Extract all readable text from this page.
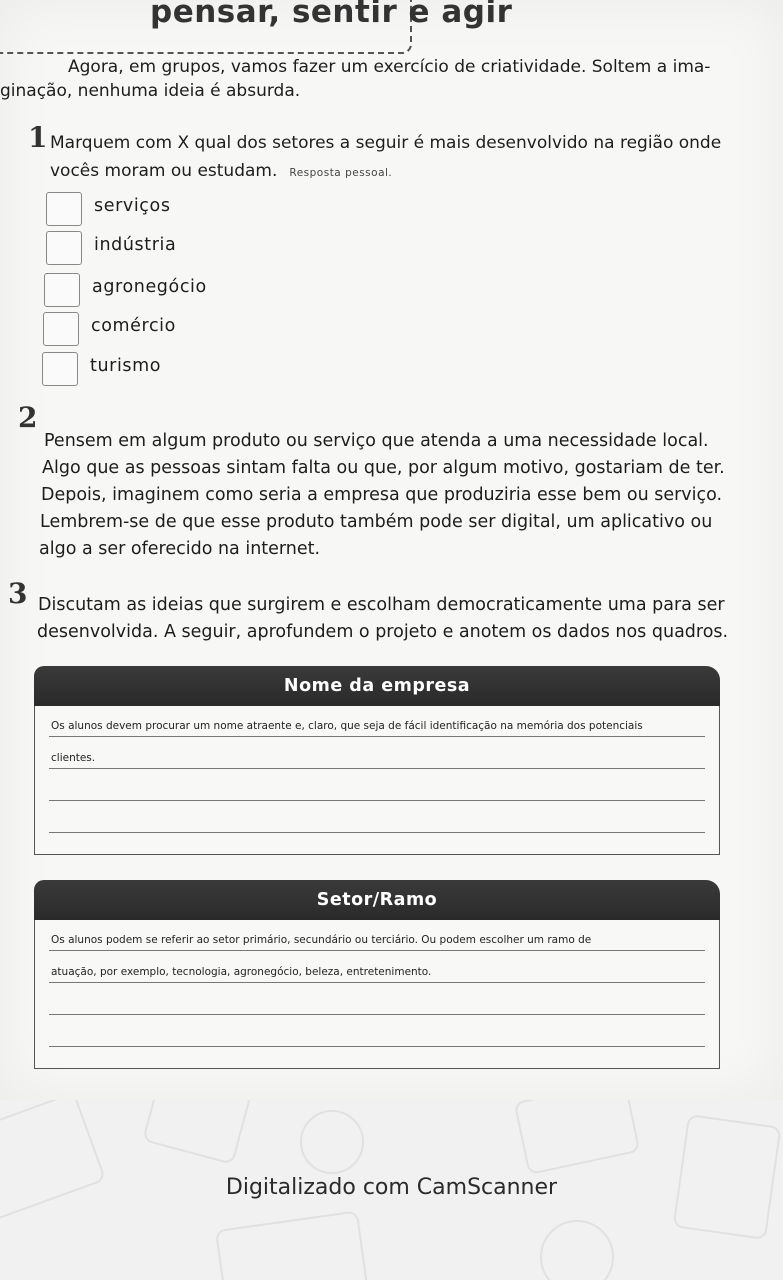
pensar, sentir e agir
Agora, em grupos, vamos fazer um exercício de criatividade. Soltem a ima-
ginação, nenhuma ideia é absurda.
1 Marquem com X qual dos setores a seguir é mais desenvolvido na região onde
vocês moram ou estudam. Resposta pessoal.
serviços
indústria
agronegócio
comércio
turismo
2
Pensem em algum produto ou serviço que atenda a uma necessidade local.
Algo que as pessoas sintam falta ou que, por algum motivo, gostariam de ter.
Depois, imaginem como seria a empresa que produziria esse bem ou serviço.
Lembrem-se de que esse produto também pode ser digital, um aplicativo ou
algo a ser oferecido na internet.
3 Discutam as ideias que surgirem e escolham democraticamente uma para ser
desenvolvida. A seguir, aprofundem o projeto e anotem os dados nos quadros.
Nome da empresa
Os alunos devem procurar um nome atraente e, claro, que seja de fácil identificação na memória dos potenciais
clientes.
Setor/Ramo
Os alunos podem se referir ao setor primário, secundário ou terciário. Ou podem escolher um ramo de
atuação, por exemplo, tecnologia, agronegócio, beleza, entretenimento.
Digitalizado com CamScanner
